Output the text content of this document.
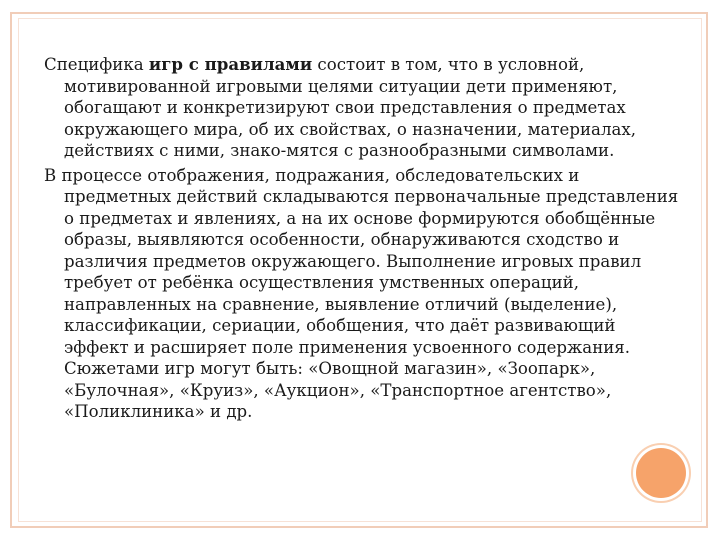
Специфика игр с правилами состоит в том, что в условной, мотивированной игровыми целями ситуации дети применяют, обогащают и конкретизируют свои представления о предметах окружающего мира, об их свойствах, о назначении, материалах, действиях с ними, знако-мятся с разнообразными символами.

В процессе отображения, подражания, обследовательских и предметных действий складываются первоначальные представления о предметах и явлениях, а на их основе формируются обобщённые образы, выявляются особенности, обнаруживаются сходство и различия предметов окружающего. Выполнение игровых правил требует от ребёнка осуществления умственных операций, направленных на сравнение, выявление отличий (выделение), классификации, сериации, обобщения, что даёт развивающий эффект и расширяет поле применения усвоенного содержания. Сюжетами игр могут быть: «Овощной магазин», «Зоопарк», «Булочная», «Круиз», «Аукцион», «Транспортное агентство», «Поликлиника» и др.
